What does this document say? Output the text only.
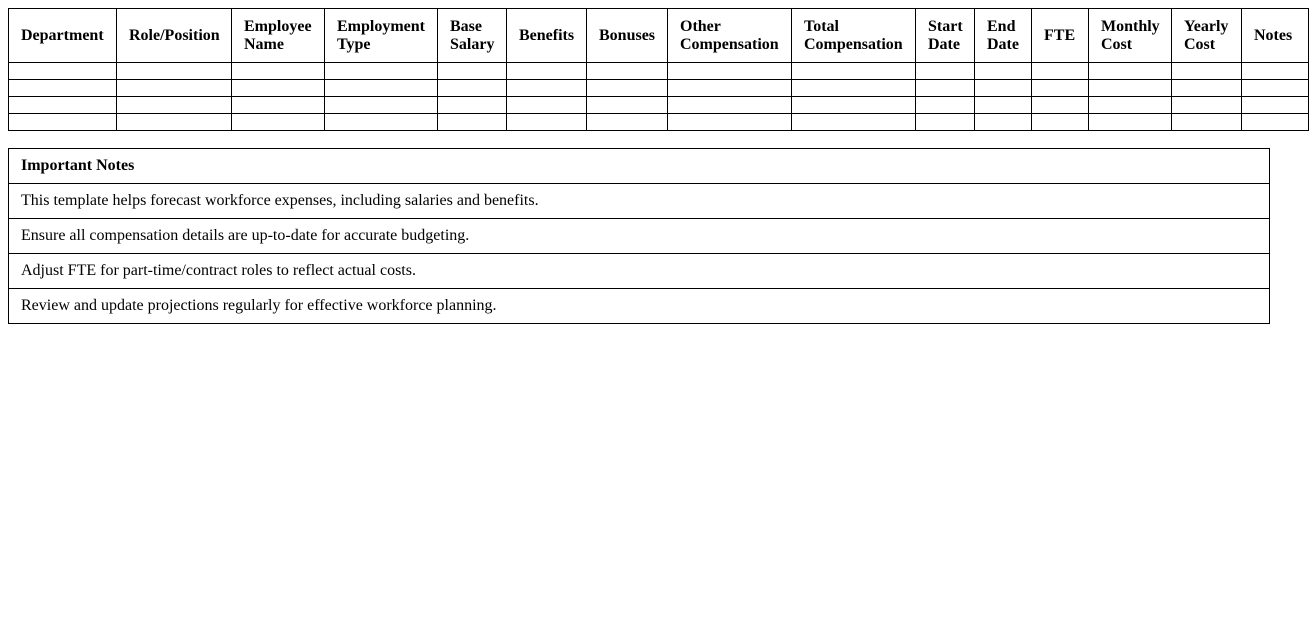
Department	Role/Position	Employee Name	Employment Type	Base Salary	Benefits	Bonuses	Other Compensation	Total Compensation	Start Date	End Date	FTE	Monthly Cost	Yearly Cost	Notes

Important Notes
This template helps forecast workforce expenses, including salaries and benefits.
Ensure all compensation details are up-to-date for accurate budgeting.
Adjust FTE for part-time/contract roles to reflect actual costs.
Review and update projections regularly for effective workforce planning.
